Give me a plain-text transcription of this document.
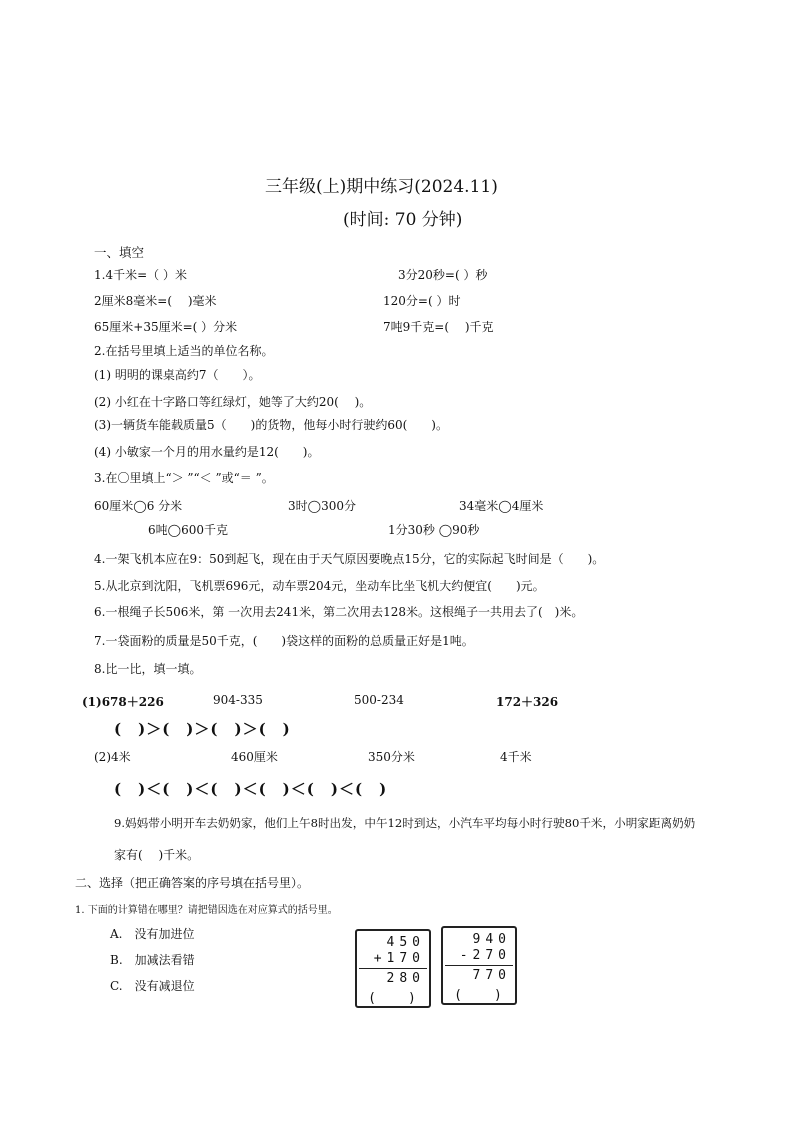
三年级(上)期中练习(2024.11)
(时间: 70 分钟)
一、填空
1.4千米=（ ）米	3分20秒=( ）秒
2厘米8毫米=(　 )毫米	120分=( ）时
65厘米+35厘米=( ）分米	7吨9千克=(　 )千克
2.在括号里填上适当的单位名称。
(1) 明明的课桌高约7（　　）。
(2) 小红在十字路口等红绿灯，她等了大约20(　 )。
(3)一辆货车能载质量5（　　)的货物，他每小时行驶约60(　　)。
(4) 小敏家一个月的用水量约是12(　　)。
3.在〇里填上“＞ ”“＜ ”或“＝ ”。
60厘米◯6 分米	3时◯300分	34毫米◯4厘米
6吨◯600千克	1分30秒 ◯90秒
4.一架飞机本应在9：50到起飞，现在由于天气原因要晚点15分，它的实际起飞时间是（　　)。
5.从北京到沈阳，飞机票696元，动车票204元，坐动车比坐飞机大约便宜(　　)元。
6.一根绳子长506米，第 一次用去241米，第二次用去128米。这根绳子一共用去了(　)米。
7.一袋面粉的质量是50千克，(　　)袋这样的面粉的总质量正好是1吨。
8.比一比，填一填。
(1)678＋226	904-335	500-234	172＋326
(　)＞(　)＞(　)＞(　)
(2)4米	460厘米	350分米	4千米
(　)＜(　)＜(　)＜(　)＜(　)＜(　)
9.妈妈带小明开车去奶奶家，他们上午8时出发，中午12时到达，小汽车平均每小时行驶80千米，小明家距离奶奶
家有(　 )千米。
二、选择（把正确答案的序号填在括号里）。
1. 下面的计算错在哪里？请把错因选在对应算式的括号里。
A.　没有加进位
B.　加减法看错
C.　没有减退位
450
+170
280
(　　)
940
-270
770
(　　)
